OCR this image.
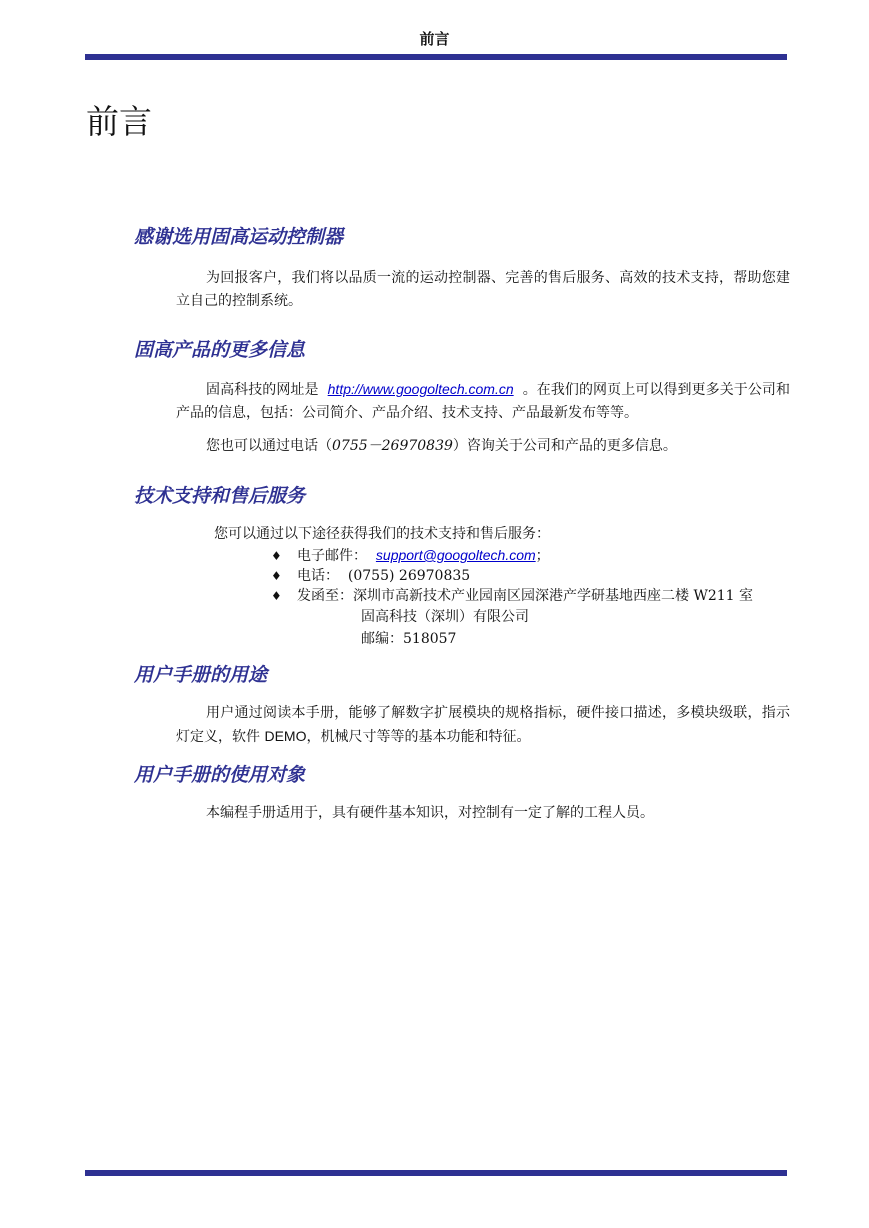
前言
前言
感谢选用固高运动控制器

为回报客户，我们将以品质一流的运动控制器、完善的售后服务、高效的技术支持，帮助您建立自己的控制系统。

固高产品的更多信息

固高科技的网址是 http://www.googoltech.com.cn 。在我们的网页上可以得到更多关于公司和产品的信息，包括：公司简介、产品介绍、技术支持、产品最新发布等等。

您也可以通过电话（0755－26970839）咨询关于公司和产品的更多信息。

技术支持和售后服务

您可以通过以下途径获得我们的技术支持和售后服务：

♦ 电子邮件： support@googoltech.com；

♦ 电话： (0755) 26970835

♦ 发函至：深圳市高新技术产业园南区园深港产学研基地西座二楼 W211 室

固高科技（深圳）有限公司

邮编：518057

用户手册的用途

用户通过阅读本手册，能够了解数字扩展模块的规格指标，硬件接口描述，多模块级联，指示灯定义，软件 DEMO，机械尺寸等等的基本功能和特征。

用户手册的使用对象

本编程手册适用于，具有硬件基本知识，对控制有一定了解的工程人员。
